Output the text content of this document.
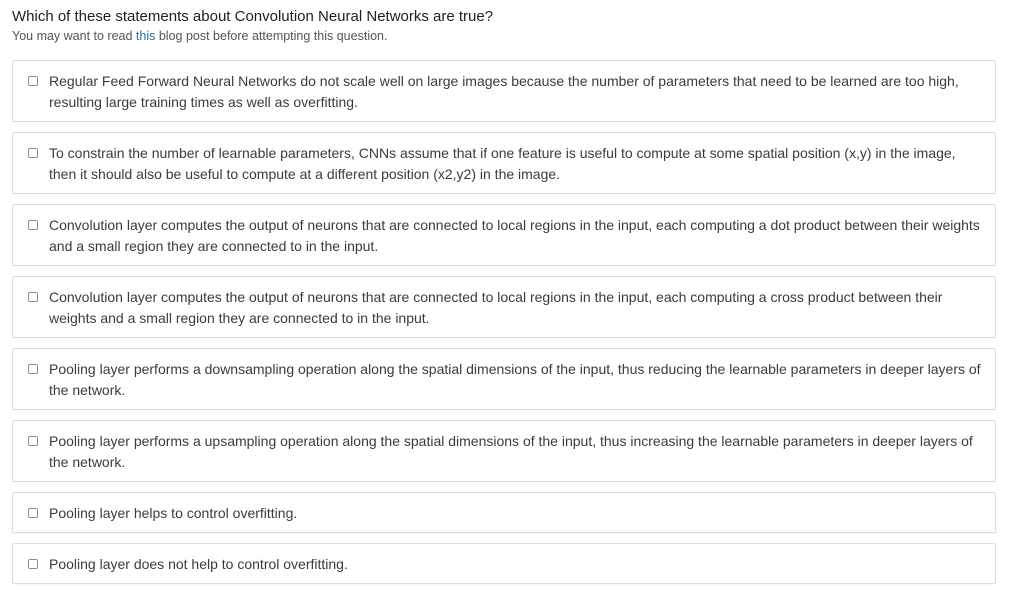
Which of these statements about Convolution Neural Networks are true?
You may want to read this blog post before attempting this question.
Regular Feed Forward Neural Networks do not scale well on large images because the number of parameters that need to be learned are too high, resulting large training times as well as overfitting.
To constrain the number of learnable parameters, CNNs assume that if one feature is useful to compute at some spatial position (x,y) in the image, then it should also be useful to compute at a different position (x2,y2) in the image.
Convolution layer computes the output of neurons that are connected to local regions in the input, each computing a dot product between their weights and a small region they are connected to in the input.
Convolution layer computes the output of neurons that are connected to local regions in the input, each computing a cross product between their weights and a small region they are connected to in the input.
Pooling layer performs a downsampling operation along the spatial dimensions of the input, thus reducing the learnable parameters in deeper layers of the network.
Pooling layer performs a upsampling operation along the spatial dimensions of the input, thus increasing the learnable parameters in deeper layers of the network.
Pooling layer helps to control overfitting.
Pooling layer does not help to control overfitting.
